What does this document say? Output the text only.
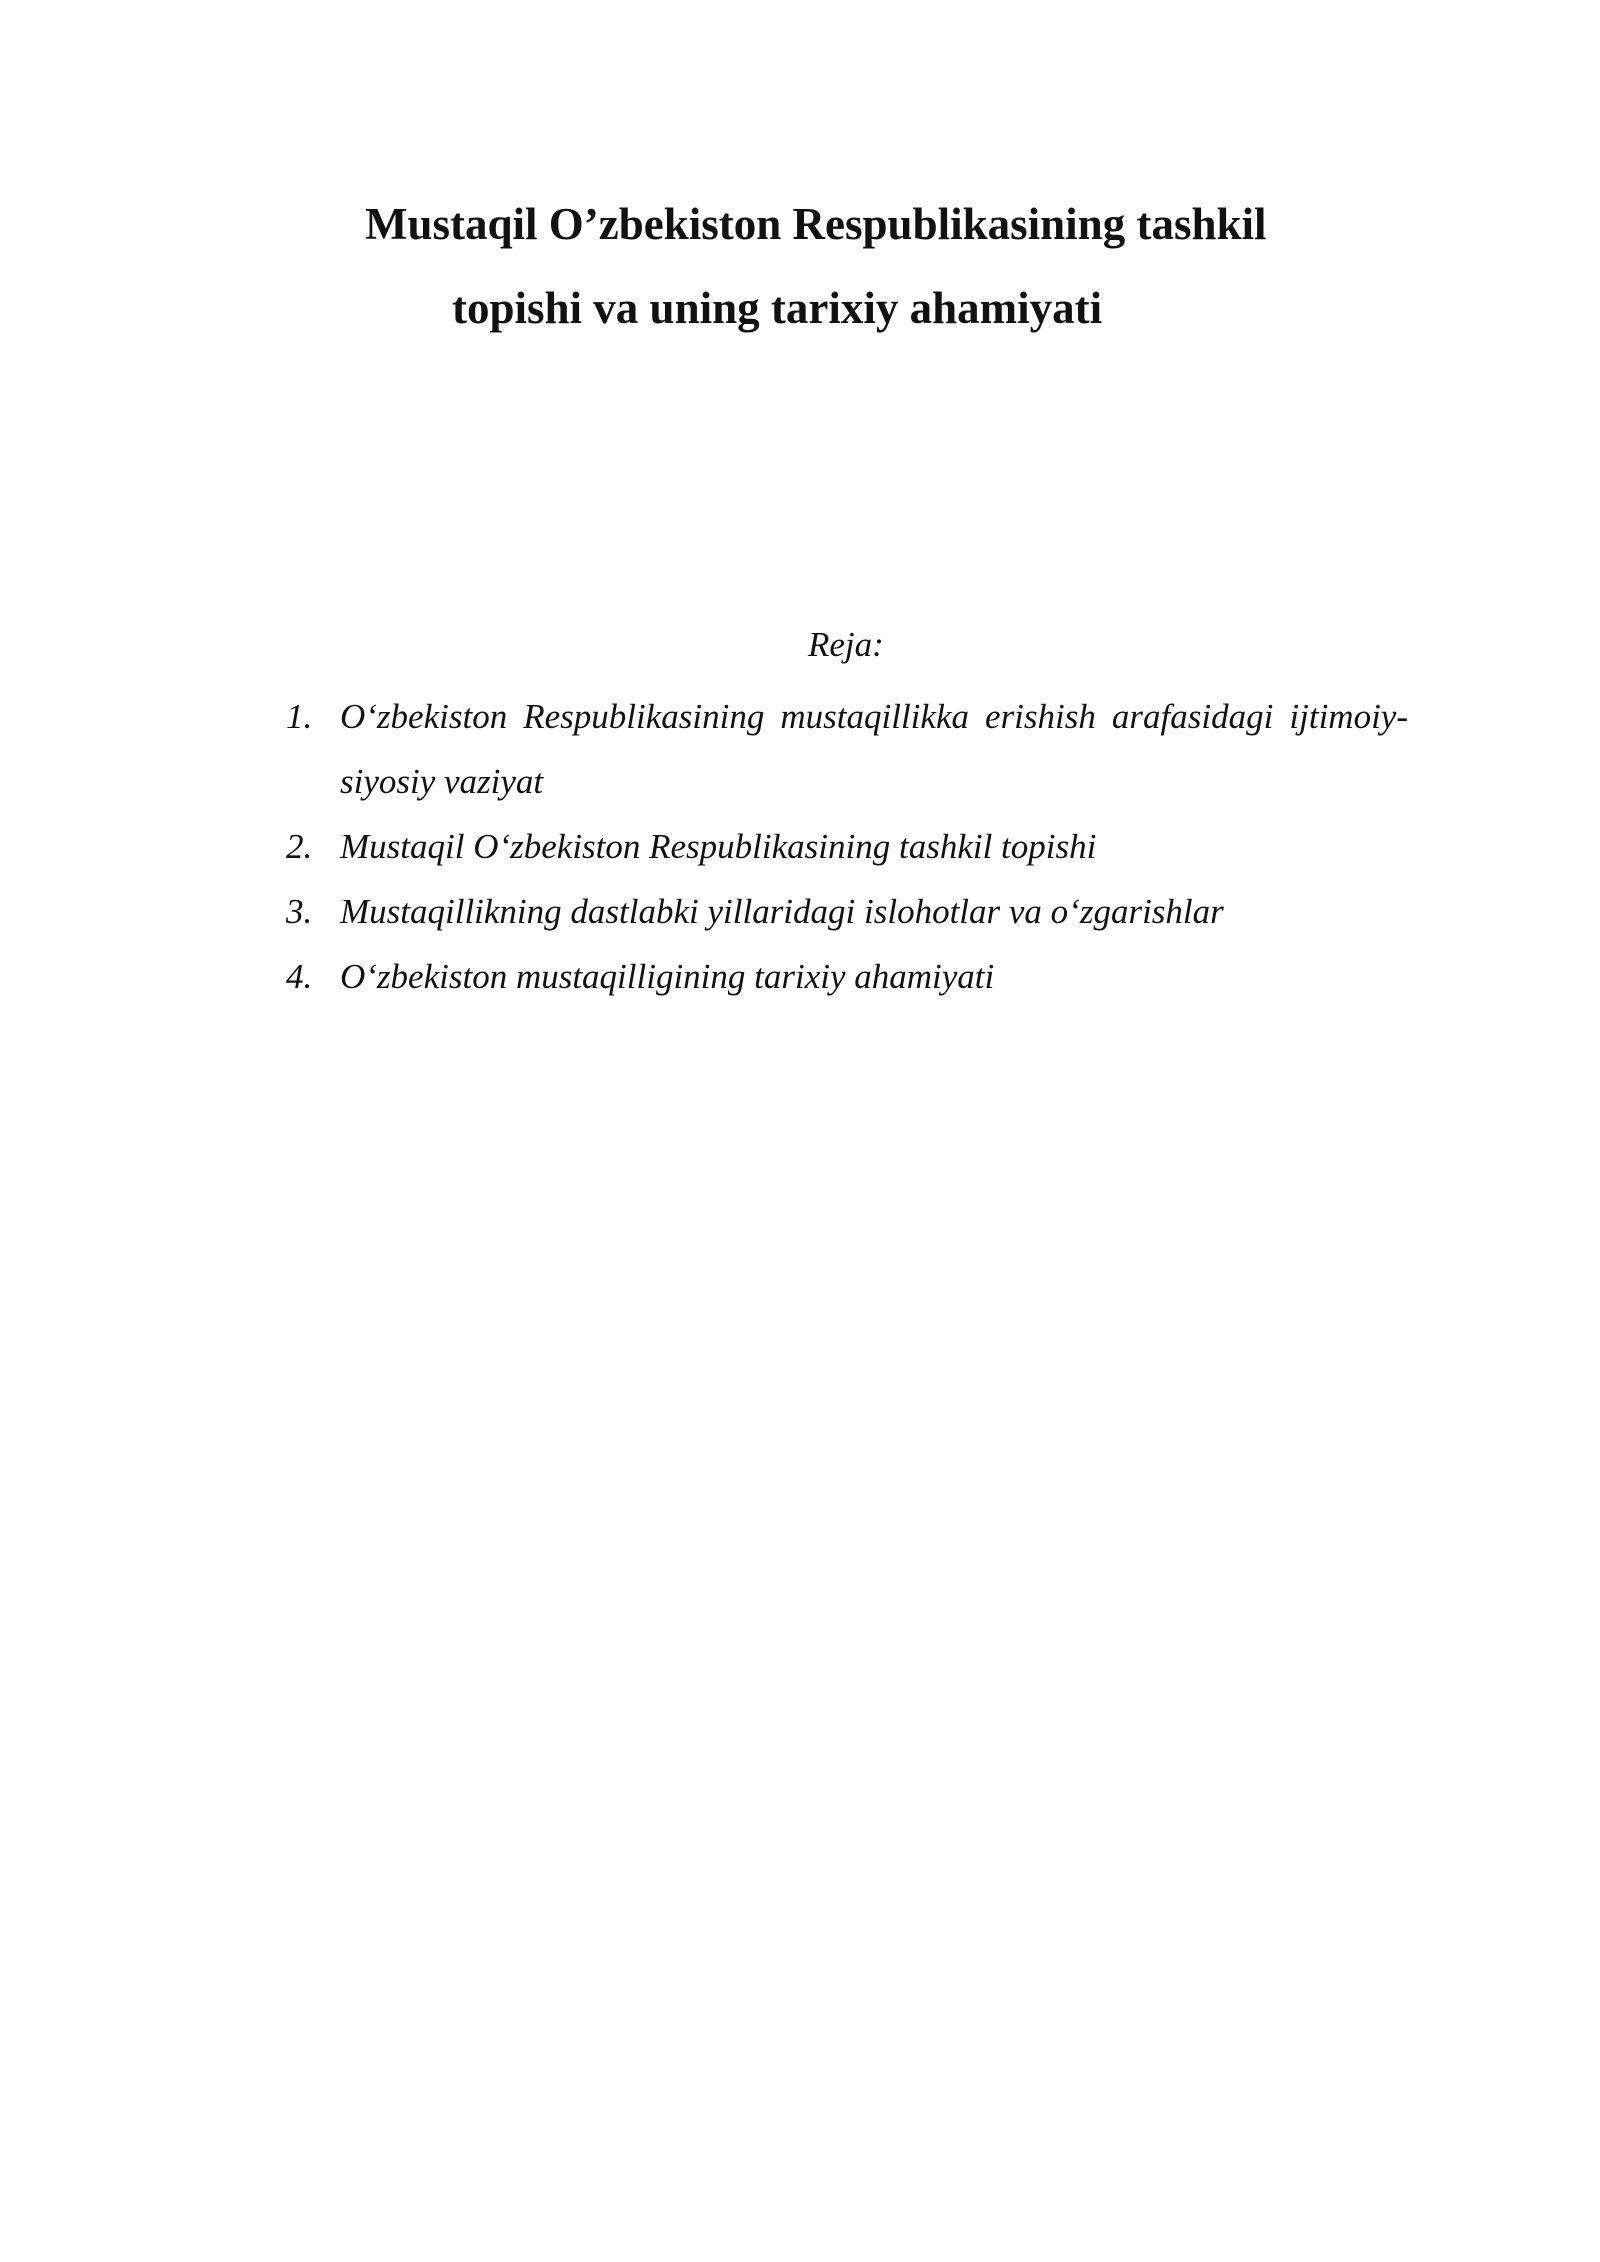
Mustaqil O’zbekiston Respublikasining tashkil
topishi va uning tarixiy ahamiyati

Reja:

1. O‘zbekiston Respublikasining mustaqillikka erishish arafasidagi ijtimoiy-siyosiy vaziyat
2. Mustaqil O‘zbekiston Respublikasining tashkil topishi
3. Mustaqillikning dastlabki yillaridagi islohotlar va o‘zgarishlar
4. O‘zbekiston mustaqilligining tarixiy ahamiyati
